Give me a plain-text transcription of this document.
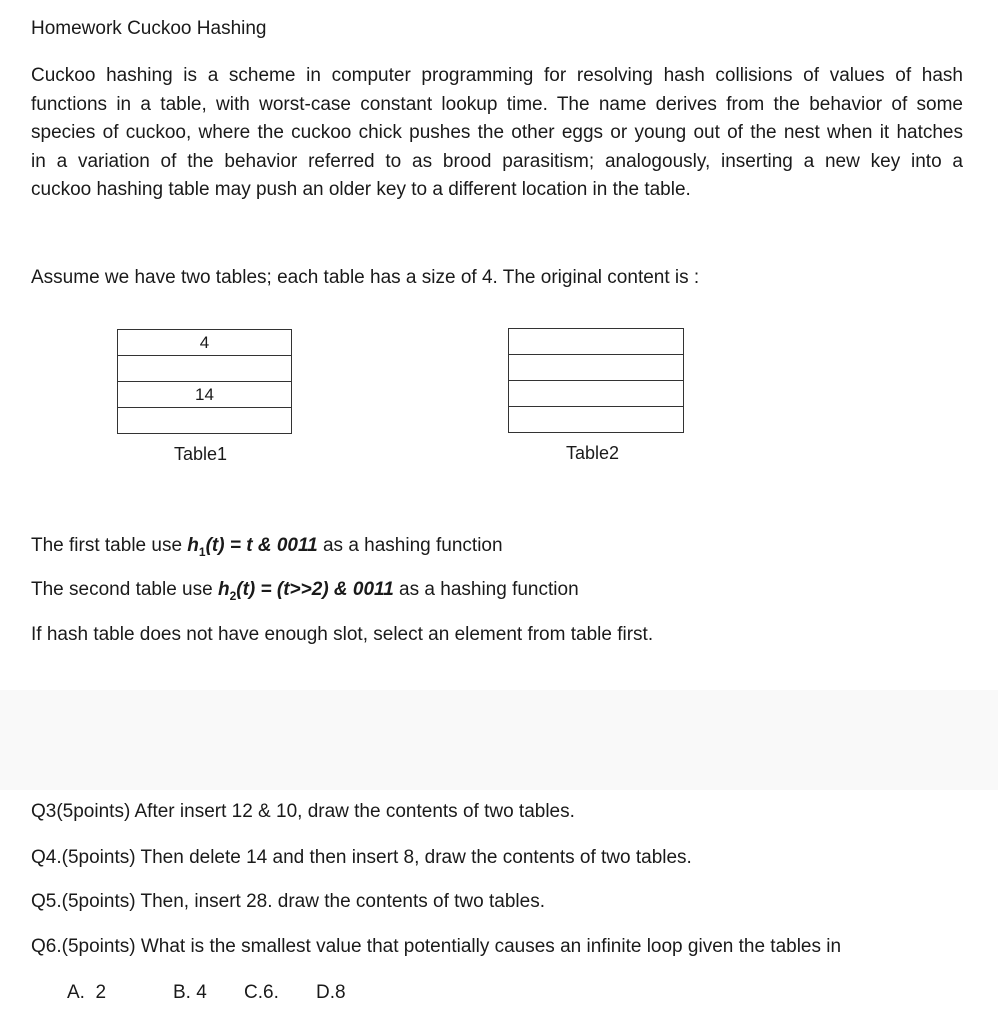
Homework Cuckoo Hashing
Cuckoo hashing is a scheme in computer programming for resolving hash collisions of values of hash
functions in a table, with worst-case constant lookup time. The name derives from the behavior of some
species of cuckoo, where the cuckoo chick pushes the other eggs or young out of the nest when it hatches
in a variation of the behavior referred to as brood parasitism; analogously, inserting a new key into a
cuckoo hashing table may push an older key to a different location in the table.
Assume we have two tables; each table has a size of 4. The original content is :
4

14

Table1	Table2
The first table use $h_1(t) = t$ & 0011 as a hashing function
The second table use $h_2(t) = (t>>2)$ & 0011 as a hashing function
If hash table does not have enough slot, select an element from table first.
Q3(5points) After insert 12 & 10, draw the contents of two tables.
Q4.(5points) Then delete 14 and then insert 8, draw the contents of two tables.
Q5.(5points) Then, insert 28. draw the contents of two tables.
Q6.(5points) What is the smallest value that potentially causes an infinite loop given the tables in
A.  2	B. 4 C.6. D.8
